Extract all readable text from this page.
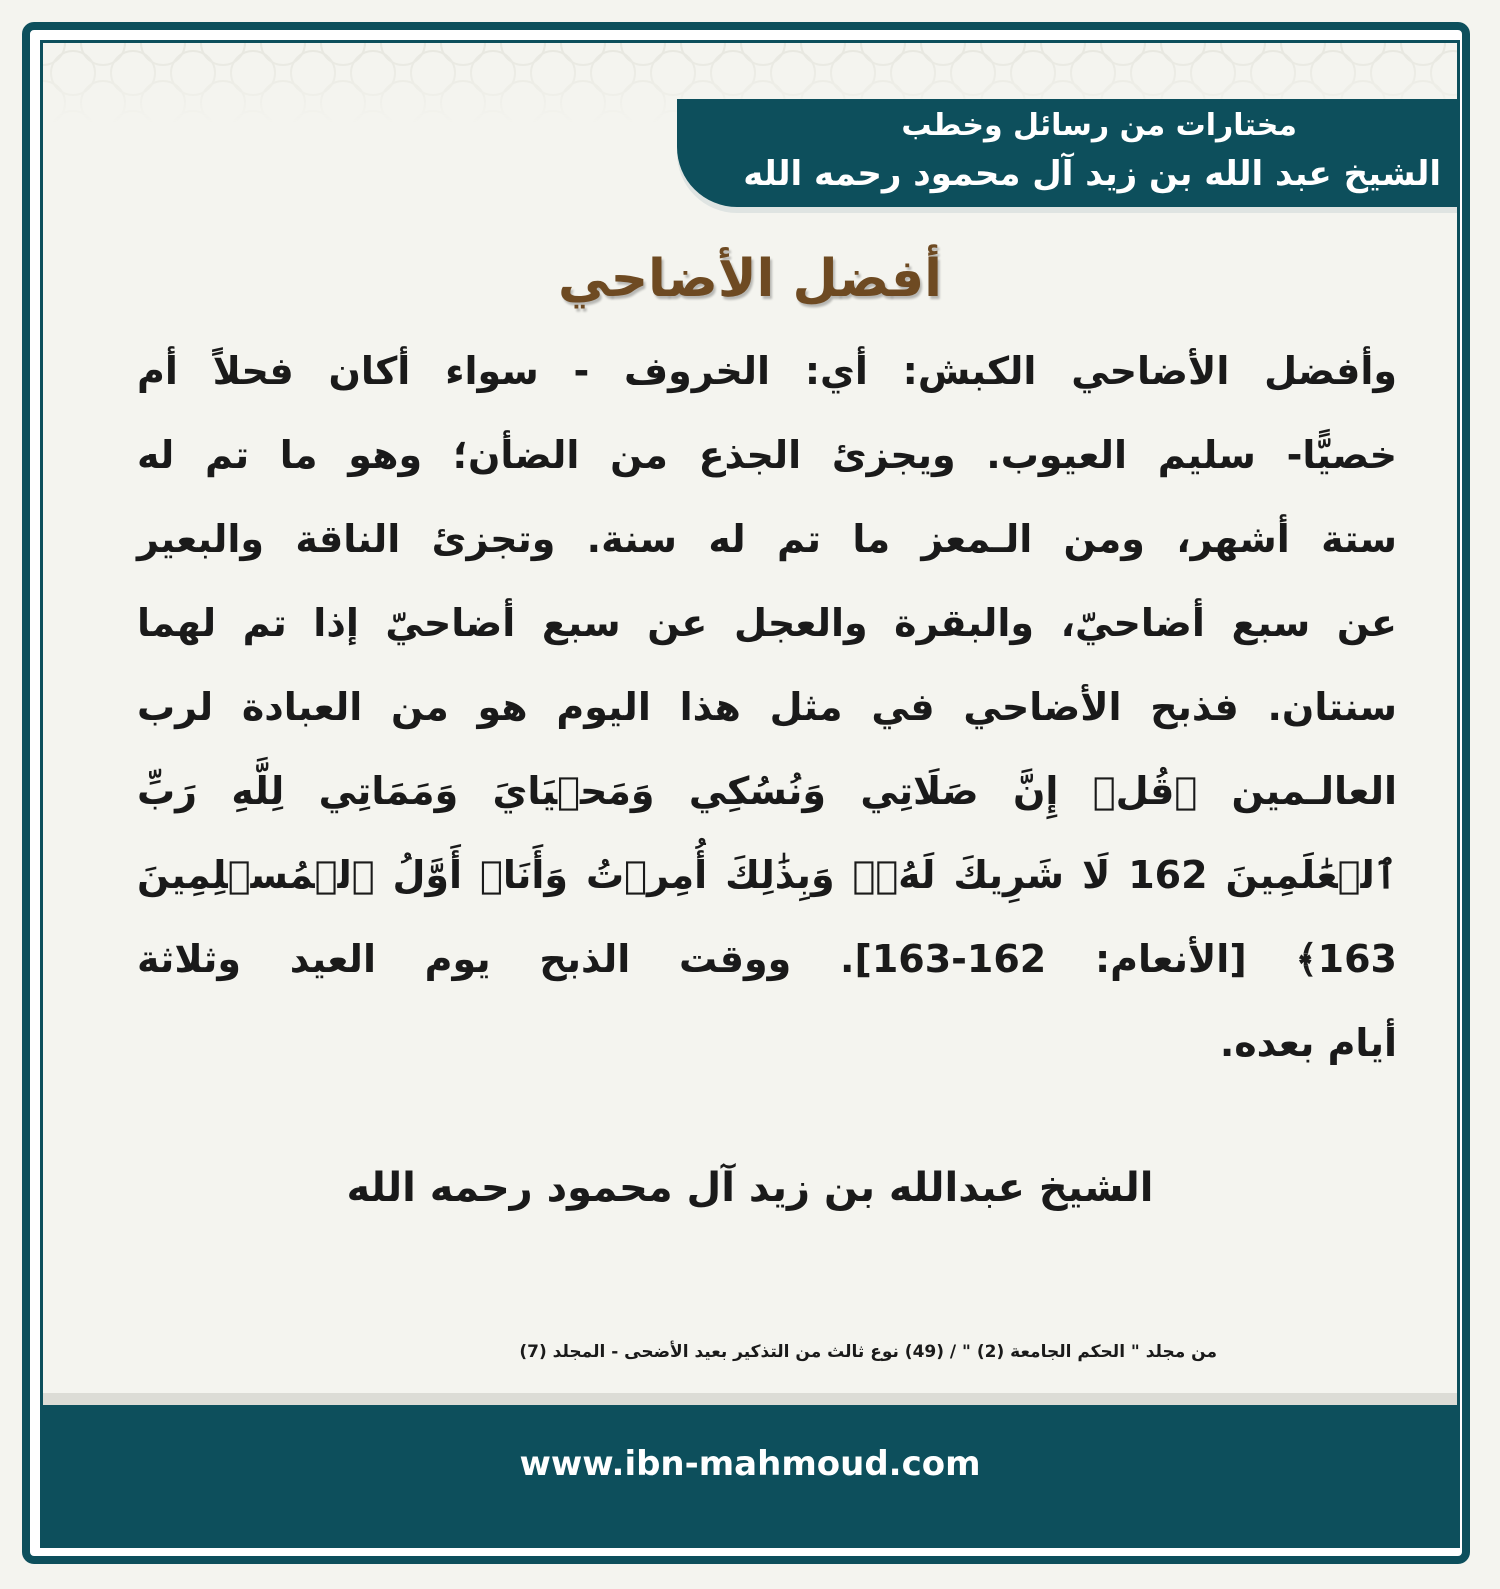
مختارات من رسائل وخطب

الشيخ عبد الله بن زيد آل محمود رحمه الله

أفضل الأضاحي
وأفضل الأضاحي الكبش: أي: الخروف - سواء أكان فحلاً أم
خصيًّا- سليم العيوب. ويجزئ الجذع من الضأن؛ وهو ما تم له
ستة أشهر، ومن الـمعز ما تم له سنة. وتجزئ الناقة والبعير
عن سبع أضاحيّ، والبقرة والعجل عن سبع أضاحيّ إذا تم لهما
سنتان. فذبح الأضاحي في مثل هذا اليوم هو من العبادة لرب
العالـمين ﴿قُلۡ إِنَّ صَلَاتِي وَنُسُكِي وَمَحۡيَايَ وَمَمَاتِي لِلَّهِ رَبِّ
ٱلۡعَٰلَمِينَ 162 لَا شَرِيكَ لَهُۥۖ وَبِذَٰلِكَ أُمِرۡتُ وَأَنَا۠ أَوَّلُ ٱلۡمُسۡلِمِينَ
163﴾ [الأنعام: 162-163]. ووقت الذبح يوم العيد وثلاثة
أيام بعده.

الشيخ عبدالله بن زيد آل محمود رحمه الله

من مجلد " الحكم الجامعة (2) " / (49) نوع ثالث من التذكير بعيد الأضحى - المجلد (7)

www.ibn-mahmoud.com
